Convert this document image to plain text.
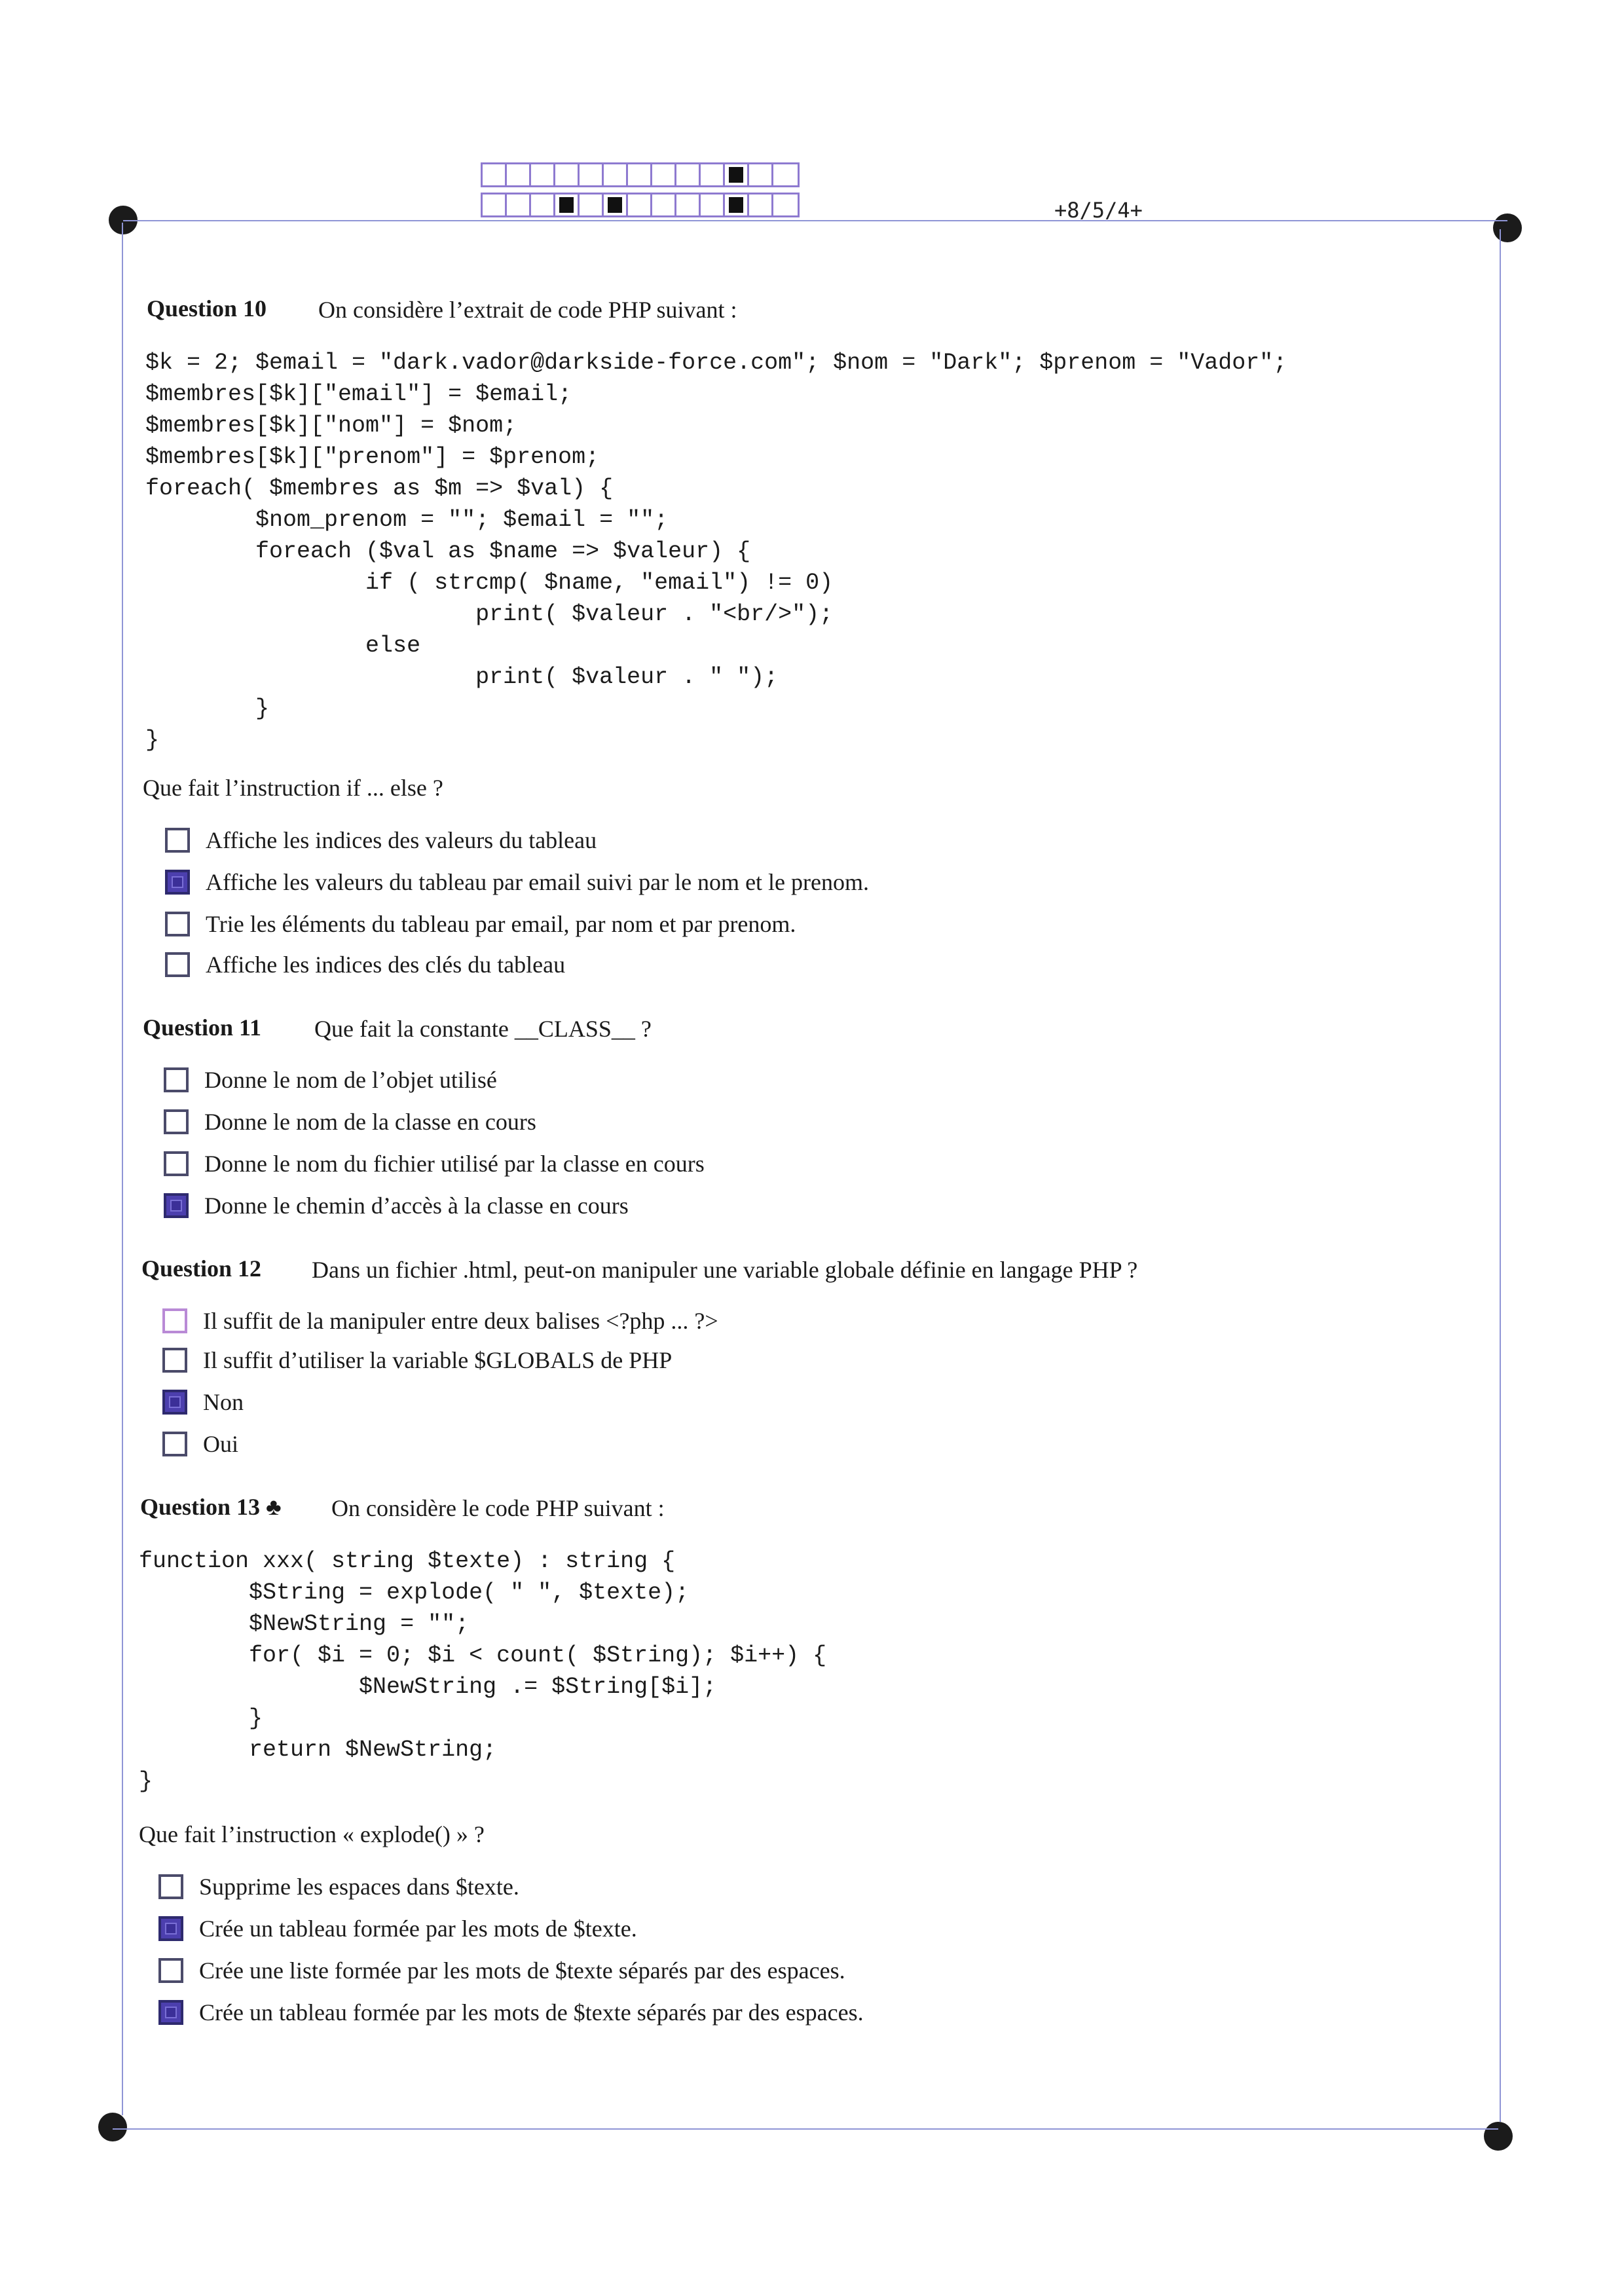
+8/5/4+
Question 10 On considère l’extrait de code PHP suivant :
$k = 2; $email = "dark.vador@darkside-force.com"; $nom = "Dark"; $prenom = "Vador";
$membres[$k]["email"] = $email;
$membres[$k]["nom"] = $nom;
$membres[$k]["prenom"] = $prenom;
foreach( $membres as $m => $val) {
$nom_prenom = ""; $email = "";
foreach ($val as $name => $valeur) {
if ( strcmp( $name, "email") != 0)
print( $valeur . "<br/>");
else
print( $valeur . " ");
}
}
Que fait l’instruction if ... else ?
Affiche les indices des valeurs du tableau
Affiche les valeurs du tableau par email suivi par le nom et le prenom.
Trie les éléments du tableau par email, par nom et par prenom.
Affiche les indices des clés du tableau
Question 11 Que fait la constante __CLASS__ ?
Donne le nom de l’objet utilisé
Donne le nom de la classe en cours
Donne le nom du fichier utilisé par la classe en cours
Donne le chemin d’accès à la classe en cours
Question 12 Dans un fichier .html, peut-on manipuler une variable globale définie en langage PHP ?
Il suffit de la manipuler entre deux balises <?php ... ?>
Il suffit d’utiliser la variable $GLOBALS de PHP
Non
Oui
Question 13 ♣ On considère le code PHP suivant :
function xxx( string $texte) : string {
$String = explode( " ", $texte);
$NewString = "";
for( $i = 0; $i < count( $String); $i++) {
$NewString .= $String[$i];
}
return $NewString;
}
Que fait l’instruction « explode() » ?
Supprime les espaces dans $texte.
Crée un tableau formée par les mots de $texte.
Crée une liste formée par les mots de $texte séparés par des espaces.
Crée un tableau formée par les mots de $texte séparés par des espaces.
